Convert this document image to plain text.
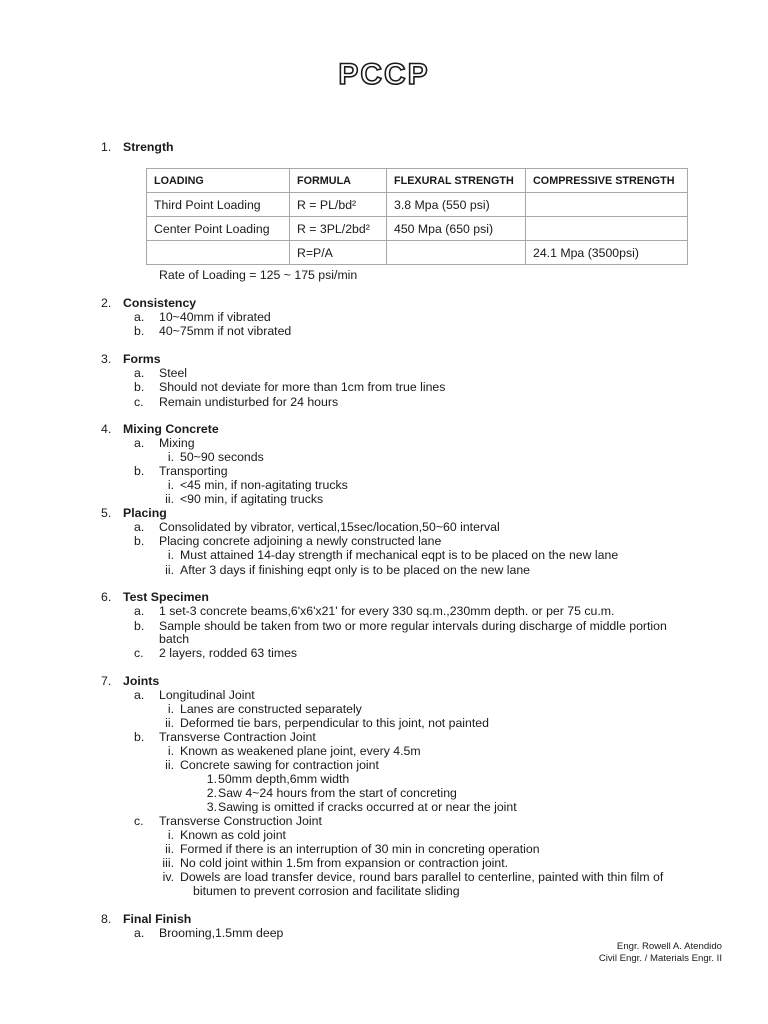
PCCP
1. Strength
LOADING	FORMULA	FLEXURAL STRENGTH	COMPRESSIVE STRENGTH
Third Point Loading	R = PL/bd²	3.8 Mpa (550 psi)	
Center Point Loading	R = 3PL/2bd²	450 Mpa (650 psi)	
	R=P/A		24.1 Mpa (3500psi)
Rate of Loading = 125 ~ 175 psi/min
2. Consistency
a. 10~40mm if vibrated
b. 40~75mm if not vibrated
3. Forms
a. Steel
b. Should not deviate for more than 1cm from true lines
c. Remain undisturbed for 24 hours
4. Mixing Concrete
a. Mixing
i. 50~90 seconds
b. Transporting
i. <45 min, if non-agitating trucks
ii. <90 min, if agitating trucks
5. Placing
a. Consolidated by vibrator, vertical,15sec/location,50~60 interval
b. Placing concrete adjoining a newly constructed lane
i. Must attained 14-day strength if mechanical eqpt is to be placed on the new lane
ii. After 3 days if finishing eqpt only is to be placed on the new lane
6. Test Specimen
a. 1 set-3 concrete beams,6'x6'x21' for every 330 sq.m.,230mm depth. or per 75 cu.m.
b. Sample should be taken from two or more regular intervals during discharge of middle portion
batch
c. 2 layers, rodded 63 times
7. Joints
a. Longitudinal Joint
i. Lanes are constructed separately
ii. Deformed tie bars, perpendicular to this joint, not painted
b. Transverse Contraction Joint
i. Known as weakened plane joint, every 4.5m
ii. Concrete sawing for contraction joint
1. 50mm depth,6mm width
2. Saw 4~24 hours from the start of concreting
3. Sawing is omitted if cracks occurred at or near the joint
c. Transverse Construction Joint
i. Known as cold joint
ii. Formed if there is an interruption of 30 min in concreting operation
iii. No cold joint within 1.5m from expansion or contraction joint.
iv. Dowels are load transfer device, round bars parallel to centerline, painted with thin film of
bitumen to prevent corrosion and facilitate sliding
8. Final Finish
a. Brooming,1.5mm deep
Engr. Rowell A. Atendido
Civil Engr. / Materials Engr. II
